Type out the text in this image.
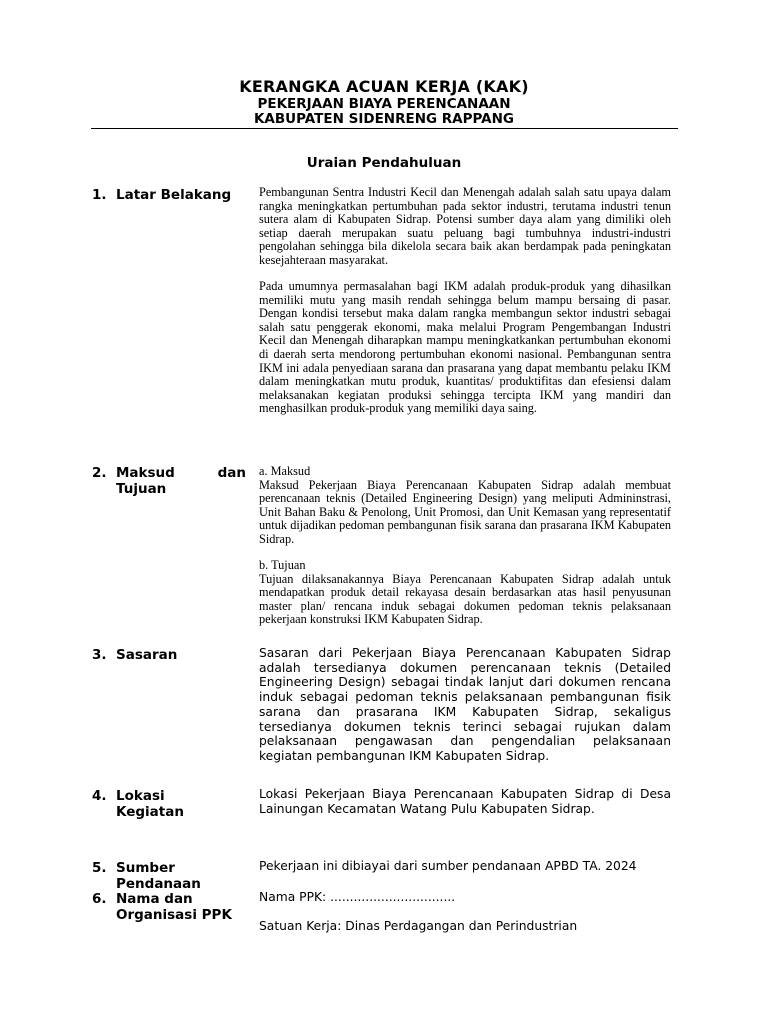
KERANGKA ACUAN KERJA (KAK)
PEKERJAAN BIAYA PERENCANAAN
KABUPATEN SIDENRENG RAPPANG
Uraian Pendahuluan
1. Latar Belakang	Pembangunan Sentra Industri Kecil dan Menengah adalah salah satu upaya dalam rangka meningkatkan pertumbuhan pada sektor industri, terutama industri tenun sutera alam di Kabupaten Sidrap. Potensi sumber daya alam yang dimiliki oleh setiap daerah merupakan suatu peluang bagi tumbuhnya industri-industri pengolahan sehingga bila dikelola secara baik akan berdampak pada peningkatan kesejahteraan masyarakat.

Pada umumnya permasalahan bagi IKM adalah produk-produk yang dihasilkan memiliki mutu yang masih rendah sehingga belum mampu bersaing di pasar. Dengan kondisi tersebut maka dalam rangka membangun sektor industri sebagai salah satu penggerak ekonomi, maka melalui Program Pengembangan Industri Kecil dan Menengah diharapkan mampu meningkatkankan pertumbuhan ekonomi di daerah serta mendorong pertumbuhan ekonomi nasional. Pembangunan sentra IKM ini adala penyediaan sarana dan prasarana yang dapat membantu pelaku IKM dalam meningkatkan mutu produk, kuantitas/ produktifitas dan efesiensi dalam melaksanakan kegiatan produksi sehingga tercipta IKM yang mandiri dan menghasilkan produk-produk yang memiliki daya saing.

2. Maksud dan
Tujuan

a. Maksud

Maksud Pekerjaan Biaya Perencanaan Kabupaten Sidrap adalah membuat perencanaan teknis (Detailed Engineering Design) yang meliputi Admininstrasi, Unit Bahan Baku & Penolong, Unit Promosi, dan Unit Kemasan yang representatif untuk dijadikan pedoman pembangunan fisik sarana dan prasarana IKM Kabupaten Sidrap.

b. Tujuan

Tujuan dilaksanakannya Biaya Perencanaan Kabupaten Sidrap adalah untuk mendapatkan produk detail rekayasa desain berdasarkan atas hasil penyusunan master plan/ rencana induk sebagai dokumen pedoman teknis pelaksanaan pekerjaan konstruksi IKM Kabupaten Sidrap.

3. Sasaran	Sasaran dari Pekerjaan Biaya Perencanaan Kabupaten Sidrap adalah tersedianya dokumen perencanaan teknis (Detailed Engineering Design) sebagai tindak lanjut dari dokumen rencana induk sebagai pedoman teknis pelaksanaan pembangunan fisik sarana dan prasarana IKM Kabupaten Sidrap, sekaligus tersedianya dokumen teknis terinci sebagai rujukan dalam pelaksanaan pengawasan dan pengendalian pelaksanaan kegiatan pembangunan IKM Kabupaten Sidrap.

4. Lokasi
Kegiatan

Lokasi Pekerjaan Biaya Perencanaan Kabupaten Sidrap di Desa Lainungan Kecamatan Watang Pulu Kabupaten Sidrap.

5. Sumber
Pendanaan

Pekerjaan ini dibiayai dari sumber pendanaan APBD TA. 2024

6. Nama dan
Organisasi PPK

Nama PPK: ................................

Satuan Kerja: Dinas Perdagangan dan Perindustrian
